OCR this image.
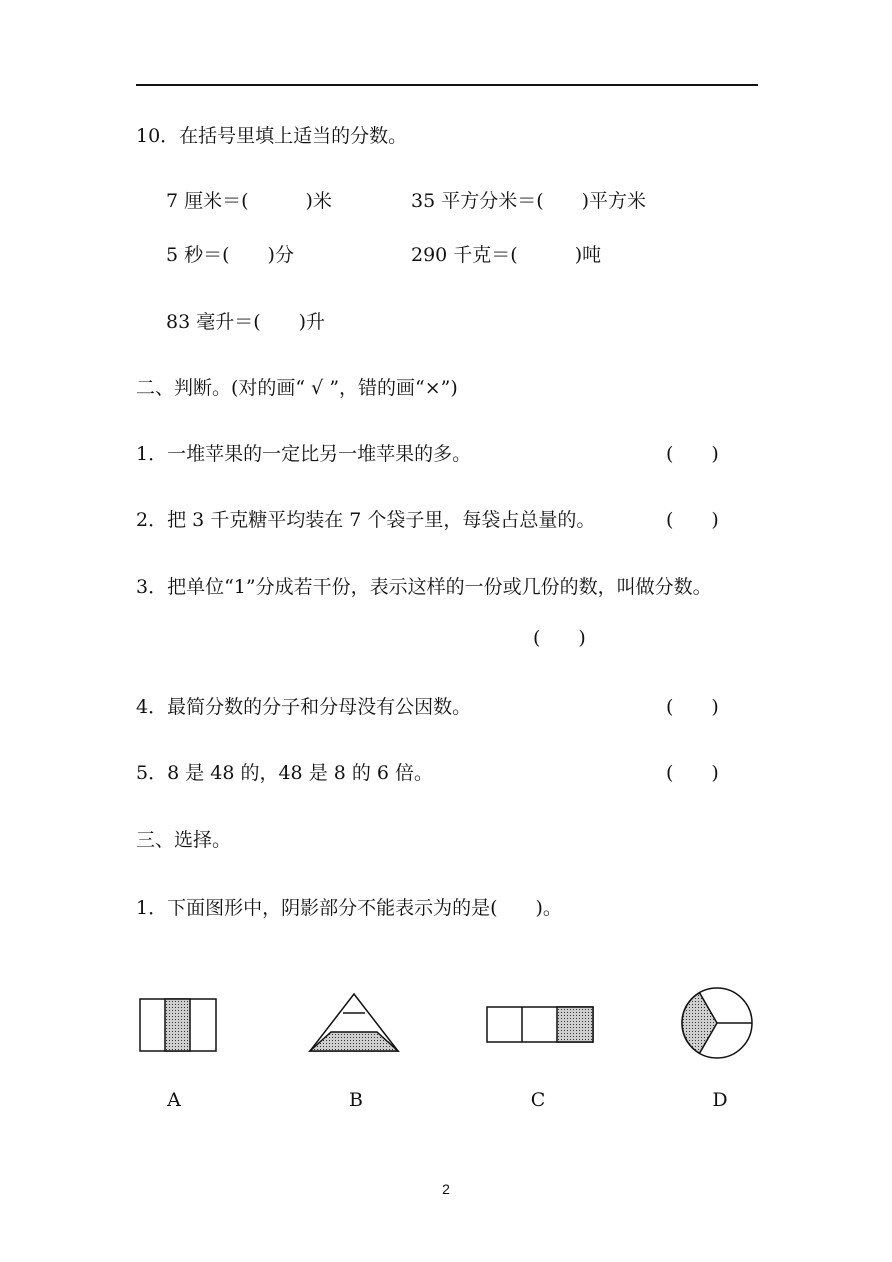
10．在括号里填上适当的分数。
7 厘米＝(　　　)米	35 平方分米＝(　　)平方米
5 秒＝(　　)分	290 千克＝(　　　)吨
83 毫升＝(　　)升
二、判断。(对的画“ √ ”，错的画“×”)
1．一堆苹果的一定比另一堆苹果的多。	(　　)
2．把 3 千克糖平均装在 7 个袋子里，每袋占总量的。	(　　)
3．把单位“1”分成若干份，表示这样的一份或几份的数，叫做分数。
(　　)
4．最简分数的分子和分母没有公因数。	(　　)
5．8 是 48 的，48 是 8 的 6 倍。	(　　)
三、选择。
1．下面图形中，阴影部分不能表示为的是(　　)。
A	B	C	D
2
